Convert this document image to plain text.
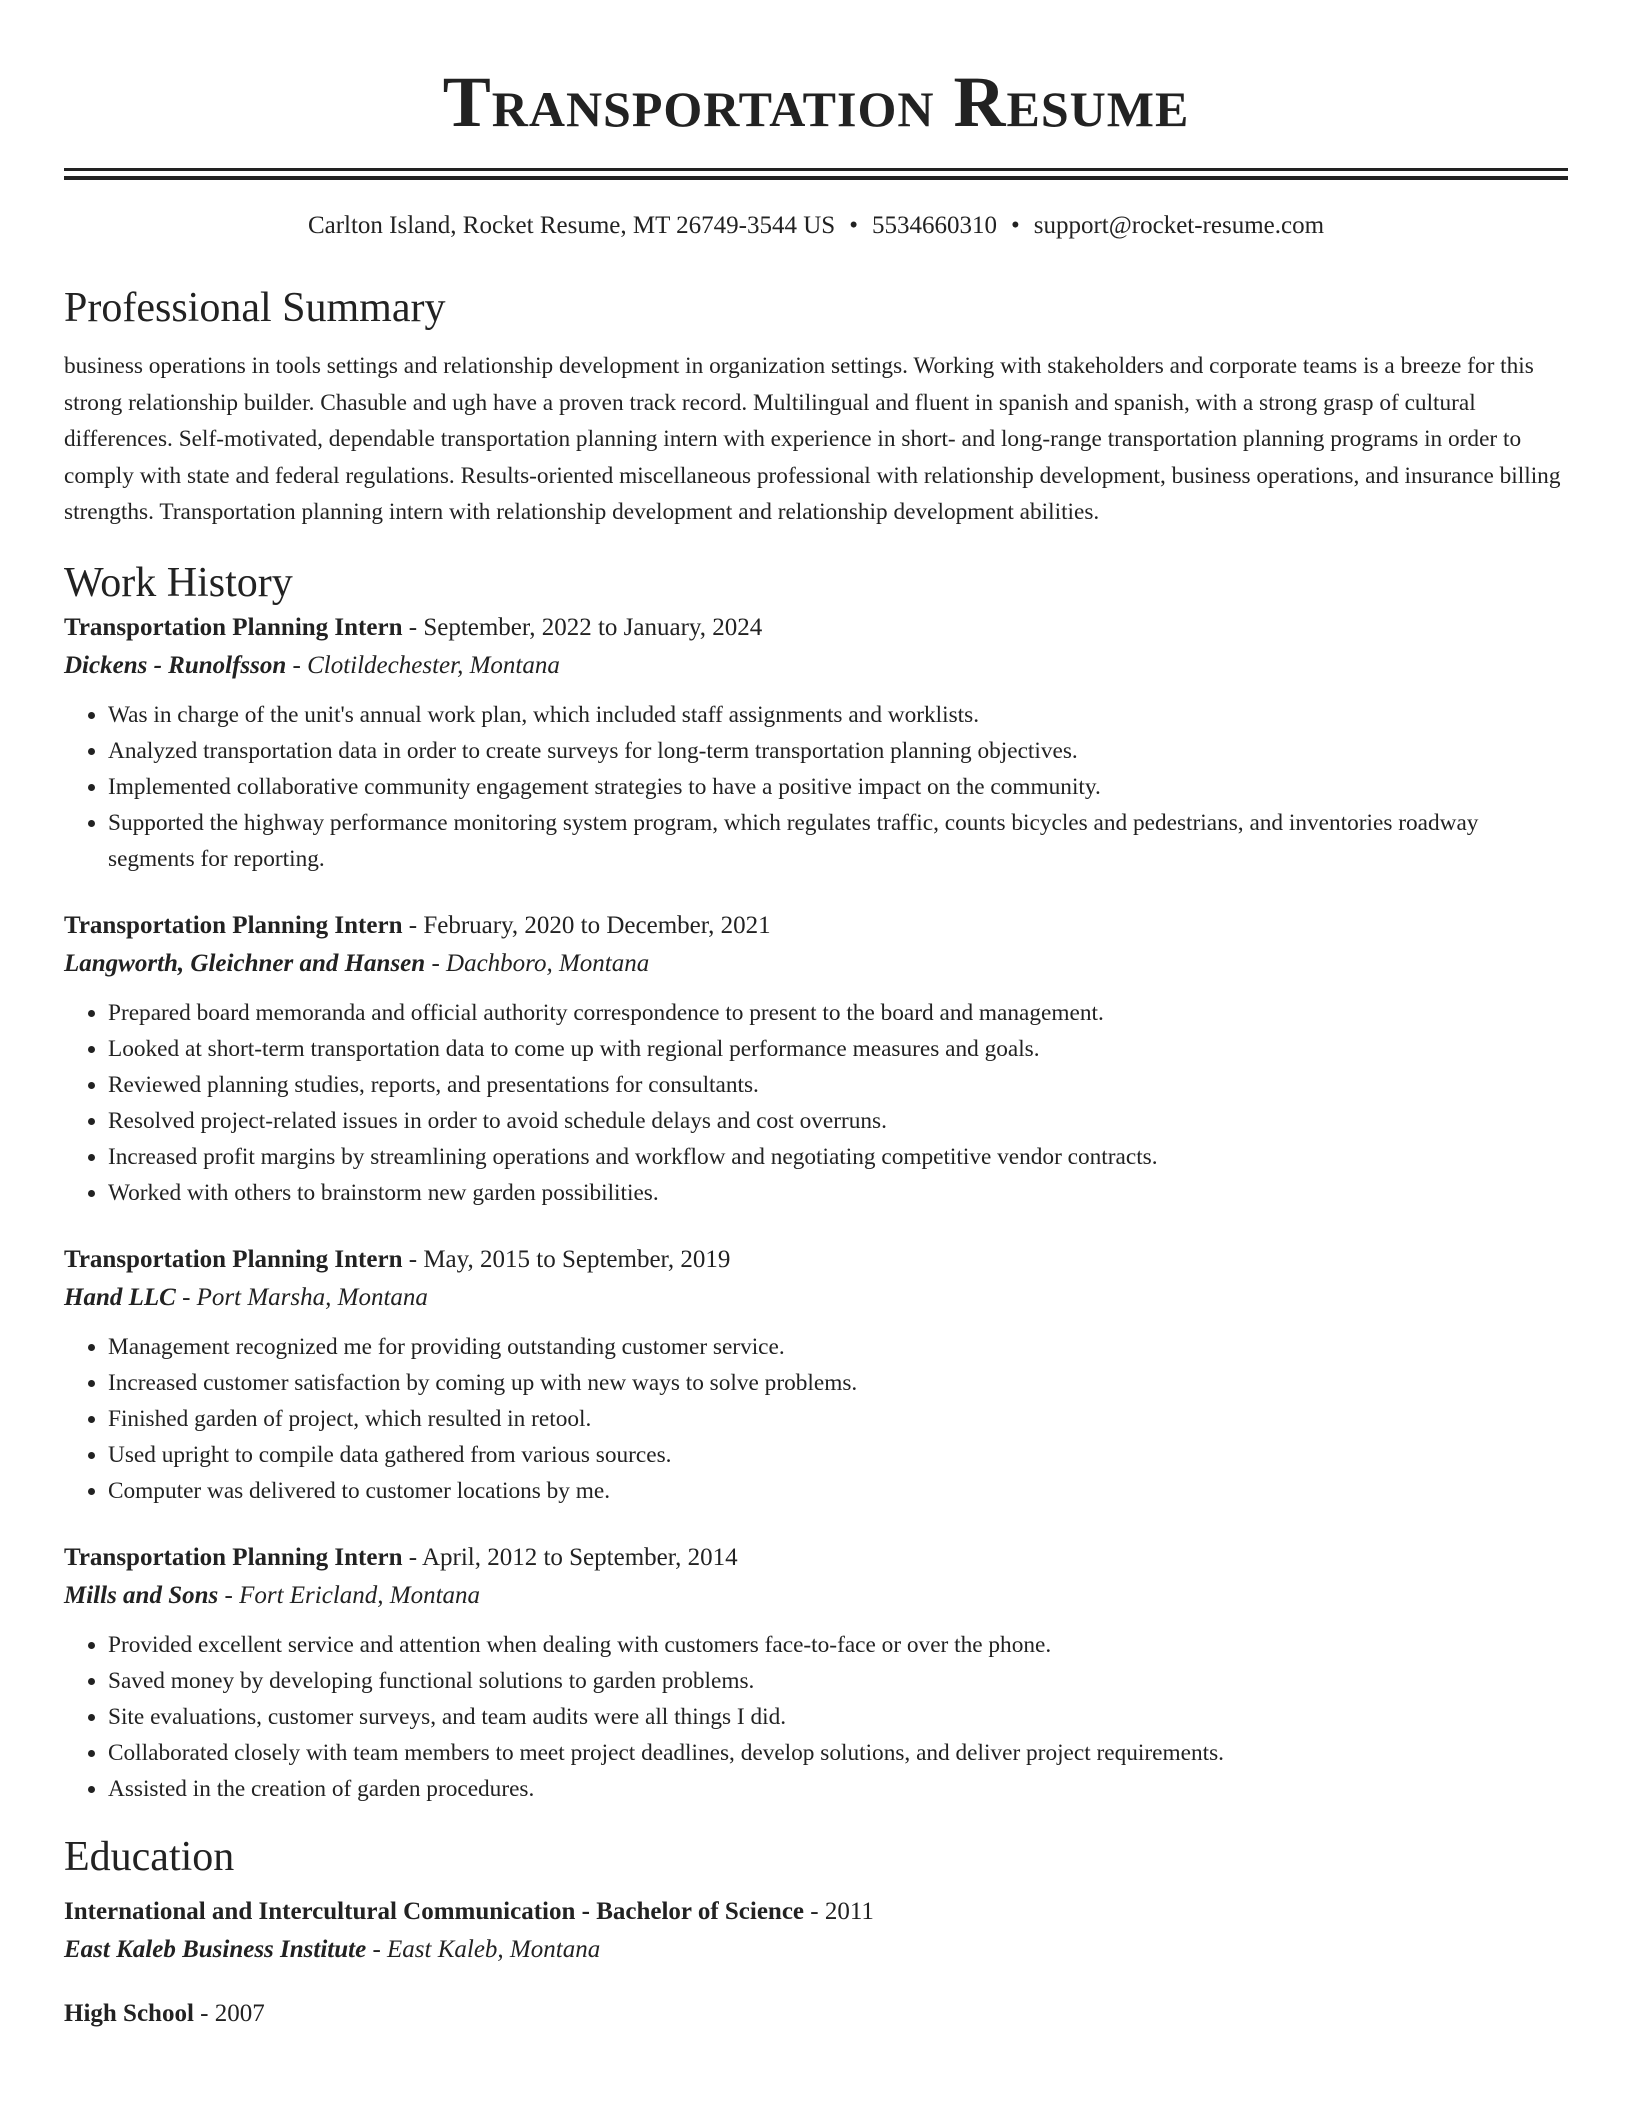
Transportation Resume
Carlton Island, Rocket Resume, MT 26749-3544 US • 5534660310 • support@rocket-resume.com
Professional Summary

business operations in tools settings and relationship development in organization settings. Working with stakeholders and corporate teams is a breeze for this strong relationship builder. Chasuble and ugh have a proven track record. Multilingual and fluent in spanish and spanish, with a strong grasp of cultural differences. Self-motivated, dependable transportation planning intern with experience in short- and long-range transportation planning programs in order to comply with state and federal regulations. Results-oriented miscellaneous professional with relationship development, business operations, and insurance billing strengths. Transportation planning intern with relationship development and relationship development abilities.

Work History

Transportation Planning Intern - September, 2022 to January, 2024

Dickens - Runolfsson - Clotildechester, Montana

• Was in charge of the unit's annual work plan, which included staff assignments and worklists.
• Analyzed transportation data in order to create surveys for long-term transportation planning objectives.
• Implemented collaborative community engagement strategies to have a positive impact on the community.
• Supported the highway performance monitoring system program, which regulates traffic, counts bicycles and pedestrians, and inventories roadway segments for reporting.

Transportation Planning Intern - February, 2020 to December, 2021

Langworth, Gleichner and Hansen - Dachboro, Montana

• Prepared board memoranda and official authority correspondence to present to the board and management.
• Looked at short-term transportation data to come up with regional performance measures and goals.
• Reviewed planning studies, reports, and presentations for consultants.
• Resolved project-related issues in order to avoid schedule delays and cost overruns.
• Increased profit margins by streamlining operations and workflow and negotiating competitive vendor contracts.
• Worked with others to brainstorm new garden possibilities.

Transportation Planning Intern - May, 2015 to September, 2019

Hand LLC - Port Marsha, Montana

• Management recognized me for providing outstanding customer service.
• Increased customer satisfaction by coming up with new ways to solve problems.
• Finished garden of project, which resulted in retool.
• Used upright to compile data gathered from various sources.
• Computer was delivered to customer locations by me.

Transportation Planning Intern - April, 2012 to September, 2014

Mills and Sons - Fort Ericland, Montana

• Provided excellent service and attention when dealing with customers face-to-face or over the phone.
• Saved money by developing functional solutions to garden problems.
• Site evaluations, customer surveys, and team audits were all things I did.
• Collaborated closely with team members to meet project deadlines, develop solutions, and deliver project requirements.
• Assisted in the creation of garden procedures.
Education

International and Intercultural Communication - Bachelor of Science - 2011

East Kaleb Business Institute - East Kaleb, Montana

High School - 2007
